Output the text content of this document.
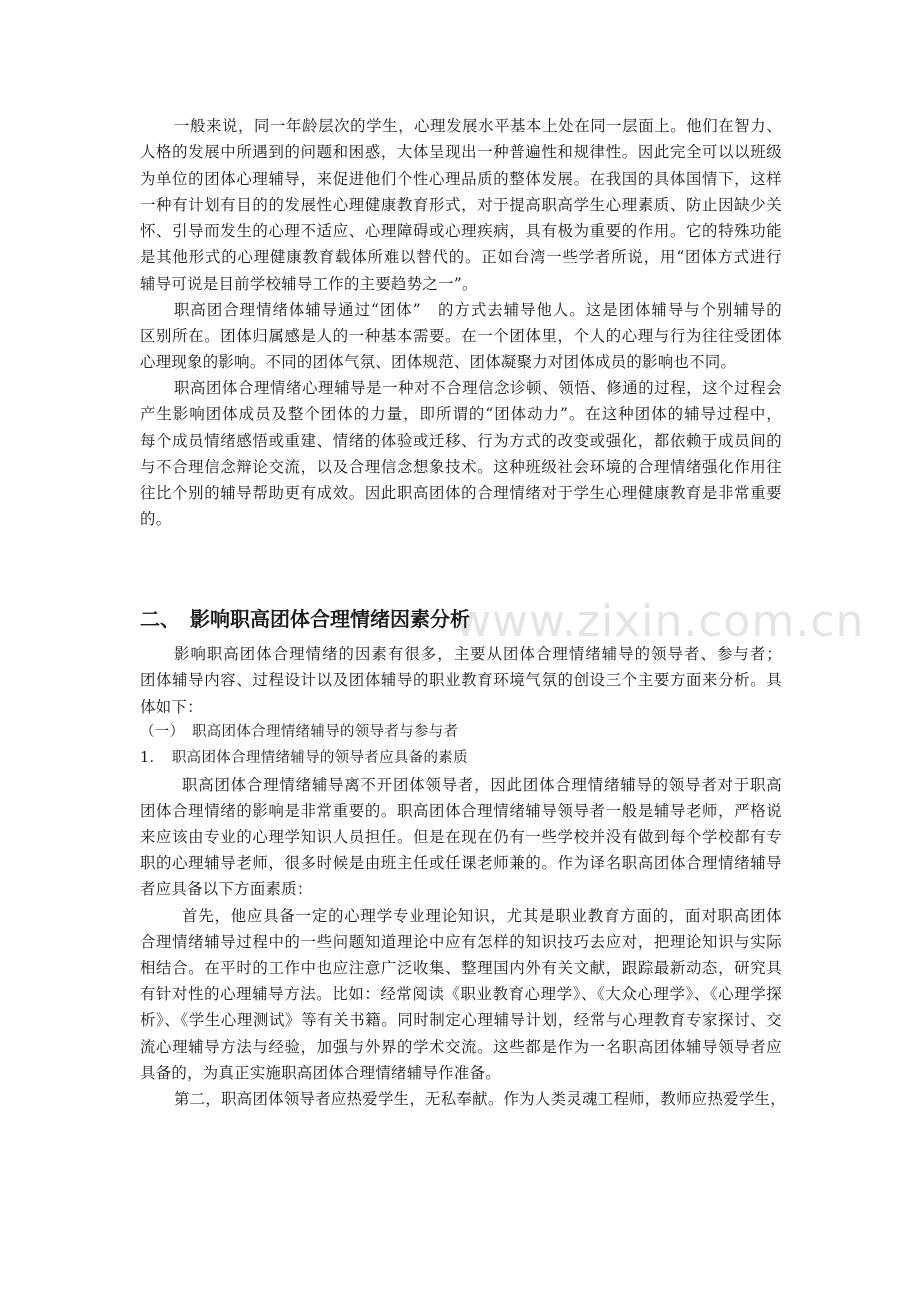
www.zixin.com.cn
一般来说，同一年龄层次的学生，心理发展水平基本上处在同一层面上。他们在智力、
人格的发展中所遇到的问题和困惑，大体呈现出一种普遍性和规律性。因此完全可以以班级
为单位的团体心理辅导，来促进他们个性心理品质的整体发展。在我国的具体国情下，这样
一种有计划有目的的发展性心理健康教育形式，对于提高职高学生心理素质、防止因缺少关
怀、引导而发生的心理不适应、心理障碍或心理疾病，具有极为重要的作用。它的特殊功能
是其他形式的心理健康教育载体所难以替代的。正如台湾一些学者所说，用“团体方式进行
辅导可说是目前学校辅导工作的主要趋势之一”。
职高团合理情绪体辅导通过“团体”　的方式去辅导他人。这是团体辅导与个别辅导的
区别所在。团体归属感是人的一种基本需要。在一个团体里，个人的心理与行为往往受团体
心理现象的影响。不同的团体气氛、团体规范、团体凝聚力对团体成员的影响也不同。
职高团体合理情绪心理辅导是一种对不合理信念诊顿、领悟、修通的过程，这个过程会
产生影响团体成员及整个团体的力量，即所谓的“团体动力”。在这种团体的辅导过程中，
每个成员情绪感悟或重建、情绪的体验或迁移、行为方式的改变或强化，都依赖于成员间的
与不合理信念辩论交流，以及合理信念想象技术。这种班级社会环境的合理情绪强化作用往
往比个别的辅导帮助更有成效。因此职高团体的合理情绪对于学生心理健康教育是非常重要
的。
影响职高团体合理情绪的因素有很多，主要从团体合理情绪辅导的领导者、参与者；
团体辅导内容、过程设计以及团体辅导的职业教育环境气氛的创设三个主要方面来分析。具
体如下：
（一）　职高团体合理情绪辅导的领导者与参与者
1．　职高团体合理情绪辅导的领导者应具备的素质
职高团体合理情绪辅导离不开团体领导者，因此团体合理情绪辅导的领导者对于职高
团体合理情绪的影响是非常重要的。职高团体合理情绪辅导领导者一般是辅导老师，严格说
来应该由专业的心理学知识人员担任。但是在现在仍有一些学校并没有做到每个学校都有专
职的心理辅导老师，很多时候是由班主任或任课老师兼的。作为译名职高团体合理情绪辅导
者应具备以下方面素质：
首先，他应具备一定的心理学专业理论知识，尤其是职业教育方面的，面对职高团体
合理情绪辅导过程中的一些问题知道理论中应有怎样的知识技巧去应对，把理论知识与实际
相结合。在平时的工作中也应注意广泛收集、整理国内外有关文献，跟踪最新动态，研究具
有针对性的心理辅导方法。比如：经常阅读《职业教育心理学》、《大众心理学》、《心理学探
析》、《学生心理测试》等有关书籍。同时制定心理辅导计划，经常与心理教育专家探讨、交
流心理辅导方法与经验，加强与外界的学术交流。这些都是作为一名职高团体辅导领导者应
具备的，为真正实施职高团体合理情绪辅导作准备。
第二，职高团体领导者应热爱学生，无私奉献。作为人类灵魂工程师，教师应热爱学生，
二、　影响职高团体合理情绪因素分析
